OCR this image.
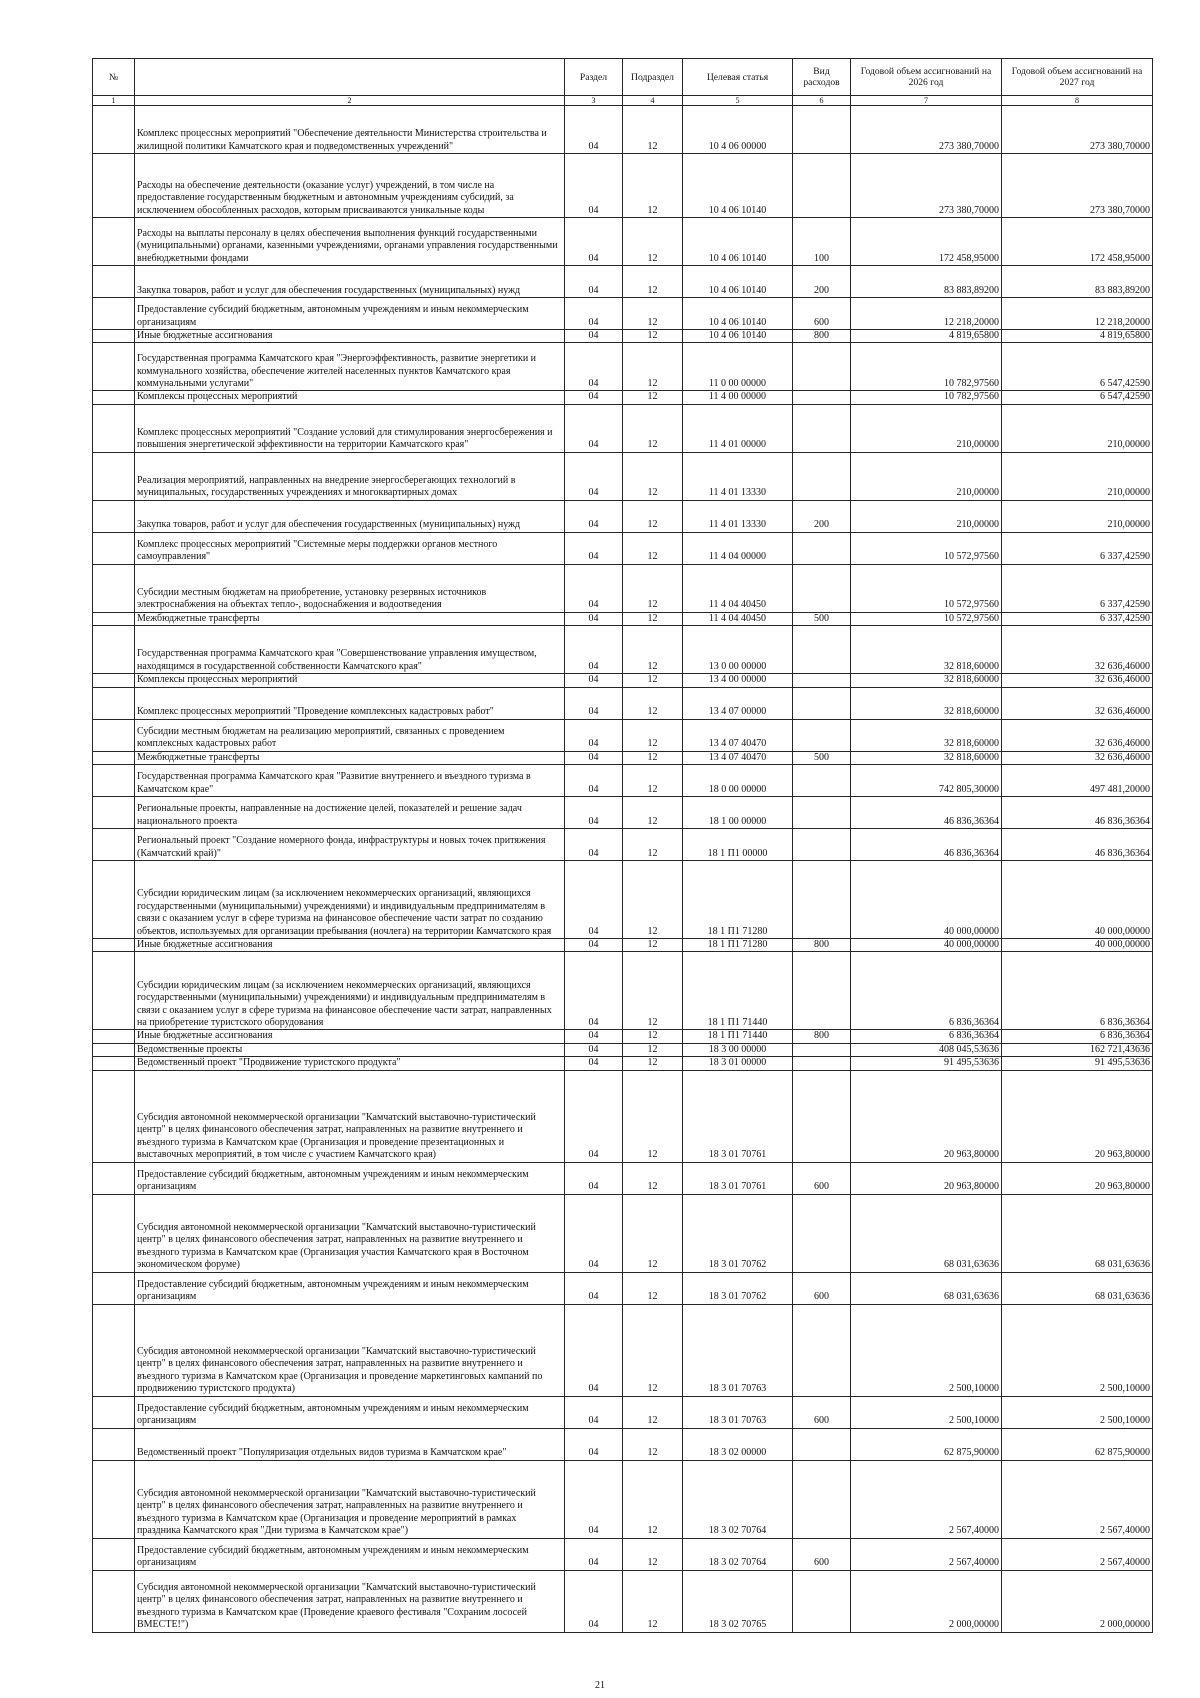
№		Раздел	Подраздел	Целевая статья	Вид расходов	Годовой объем ассигнований на 2026 год	Годовой объем ассигнований на 2027 год
1	2	3	4	5	6	7	8
	Комплекс процессных мероприятий "Обеспечение деятельности Министерства строительства и жилищной политики Камчатского края и подведомственных учреждений"	04	12	10 4 06 00000		273 380,70000	273 380,70000
	Расходы на обеспечение деятельности (оказание услуг) учреждений, в том числе на предоставление государственным бюджетным и автономным учреждениям субсидий, за исключением обособленных расходов, которым присваиваются уникальные коды	04	12	10 4 06 10140		273 380,70000	273 380,70000
	Расходы на выплаты персоналу в целях обеспечения выполнения функций государственными (муниципальными) органами, казенными учреждениями, органами управления государственными внебюджетными фондами	04	12	10 4 06 10140	100	172 458,95000	172 458,95000
	Закупка товаров, работ и услуг для обеспечения государственных (муниципальных) нужд	04	12	10 4 06 10140	200	83 883,89200	83 883,89200
	Предоставление субсидий бюджетным, автономным учреждениям и иным некоммерческим организациям	04	12	10 4 06 10140	600	12 218,20000	12 218,20000
	Иные бюджетные ассигнования	04	12	10 4 06 10140	800	4 819,65800	4 819,65800
	Государственная программа Камчатского края "Энергоэффективность, развитие энергетики и коммунального хозяйства, обеспечение жителей населенных пунктов Камчатского края коммунальными услугами"	04	12	11 0 00 00000		10 782,97560	6 547,42590
	Комплексы процессных мероприятий	04	12	11 4 00 00000		10 782,97560	6 547,42590
	Комплекс процессных мероприятий "Создание условий для стимулирования энергосбережения и повышения энергетической эффективности на территории Камчатского края"	04	12	11 4 01 00000		210,00000	210,00000
	Реализация мероприятий, направленных на внедрение энергосберегающих технологий в муниципальных, государственных учреждениях и многоквартирных домах	04	12	11 4 01 13330		210,00000	210,00000
	Закупка товаров, работ и услуг для обеспечения государственных (муниципальных) нужд	04	12	11 4 01 13330	200	210,00000	210,00000
	Комплекс процессных мероприятий "Системные меры поддержки органов местного самоуправления"	04	12	11 4 04 00000		10 572,97560	6 337,42590
	Субсидии местным бюджетам на приобретение, установку резервных источников электроснабжения на объектах тепло-, водоснабжения и водоотведения	04	12	11 4 04 40450		10 572,97560	6 337,42590
	Межбюджетные трансферты	04	12	11 4 04 40450	500	10 572,97560	6 337,42590
	Государственная программа Камчатского края "Совершенствование управления имуществом, находящимся в государственной собственности Камчатского края"	04	12	13 0 00 00000		32 818,60000	32 636,46000
	Комплексы процессных мероприятий	04	12	13 4 00 00000		32 818,60000	32 636,46000
	Комплекс процессных мероприятий "Проведение комплексных кадастровых работ"	04	12	13 4 07 00000		32 818,60000	32 636,46000
	Субсидии местным бюджетам на реализацию мероприятий, связанных с проведением комплексных кадастровых работ	04	12	13 4 07 40470		32 818,60000	32 636,46000
	Межбюджетные трансферты	04	12	13 4 07 40470	500	32 818,60000	32 636,46000
	Государственная программа Камчатского края "Развитие внутреннего и въездного туризма в Камчатском крае"	04	12	18 0 00 00000		742 805,30000	497 481,20000
	Региональные проекты, направленные на достижение целей, показателей и решение задач национального проекта	04	12	18 1 00 00000		46 836,36364	46 836,36364
	Региональный проект "Создание номерного фонда, инфраструктуры и новых точек притяжения (Камчатский край)"	04	12	18 1 П1 00000		46 836,36364	46 836,36364
	Субсидии юридическим лицам (за исключением некоммерческих организаций, являющихся государственными (муниципальными) учреждениями) и индивидуальным предпринимателям в связи с оказанием услуг в сфере туризма на финансовое обеспечение части затрат по созданию объектов, используемых для организации пребывания (ночлега) на территории Камчатского края	04	12	18 1 П1 71280		40 000,00000	40 000,00000
	Иные бюджетные ассигнования	04	12	18 1 П1 71280	800	40 000,00000	40 000,00000
	Субсидии юридическим лицам (за исключением некоммерческих организаций, являющихся государственными (муниципальными) учреждениями) и индивидуальным предпринимателям в связи с оказанием услуг в сфере туризма на финансовое обеспечение части затрат, направленных на приобретение туристского оборудования	04	12	18 1 П1 71440		6 836,36364	6 836,36364
	Иные бюджетные ассигнования	04	12	18 1 П1 71440	800	6 836,36364	6 836,36364
	Ведомственные проекты	04	12	18 3 00 00000		408 045,53636	162 721,43636
	Ведомственный проект "Продвижение туристского продукта"	04	12	18 3 01 00000		91 495,53636	91 495,53636
	Субсидия автономной некоммерческой организации "Камчатский выставочно-туристический центр" в целях финансового обеспечения затрат, направленных на развитие внутреннего и въездного туризма в Камчатском крае (Организация и проведение презентационных и выставочных мероприятий, в том числе с участием Камчатского края)	04	12	18 3 01 70761		20 963,80000	20 963,80000
	Предоставление субсидий бюджетным, автономным учреждениям и иным некоммерческим организациям	04	12	18 3 01 70761	600	20 963,80000	20 963,80000
	Субсидия автономной некоммерческой организации "Камчатский выставочно-туристический центр" в целях финансового обеспечения затрат, направленных на развитие внутреннего и въездного туризма в Камчатском крае (Организация участия Камчатского края в Восточном экономическом форуме)	04	12	18 3 01 70762		68 031,63636	68 031,63636
	Предоставление субсидий бюджетным, автономным учреждениям и иным некоммерческим организациям	04	12	18 3 01 70762	600	68 031,63636	68 031,63636
	Субсидия автономной некоммерческой организации "Камчатский выставочно-туристический центр" в целях финансового обеспечения затрат, направленных на развитие внутреннего и въездного туризма в Камчатском крае (Организация и проведение маркетинговых кампаний по продвижению туристского продукта)	04	12	18 3 01 70763		2 500,10000	2 500,10000
	Предоставление субсидий бюджетным, автономным учреждениям и иным некоммерческим организациям	04	12	18 3 01 70763	600	2 500,10000	2 500,10000
	Ведомственный проект "Популяризация отдельных видов туризма в Камчатском крае"	04	12	18 3 02 00000		62 875,90000	62 875,90000
	Субсидия автономной некоммерческой организации "Камчатский выставочно-туристический центр" в целях финансового обеспечения затрат, направленных на развитие внутреннего и въездного туризма в Камчатском крае (Организация и проведение мероприятий в рамках праздника Камчатского края "Дни туризма в Камчатском крае")	04	12	18 3 02 70764		2 567,40000	2 567,40000
	Предоставление субсидий бюджетным, автономным учреждениям и иным некоммерческим организациям	04	12	18 3 02 70764	600	2 567,40000	2 567,40000
	Субсидия автономной некоммерческой организации "Камчатский выставочно-туристический центр" в целях финансового обеспечения затрат, направленных на развитие внутреннего и въездного туризма в Камчатском крае (Проведение краевого фестиваля "Сохраним лососей ВМЕСТЕ!")	04	12	18 3 02 70765		2 000,00000	2 000,00000
21
